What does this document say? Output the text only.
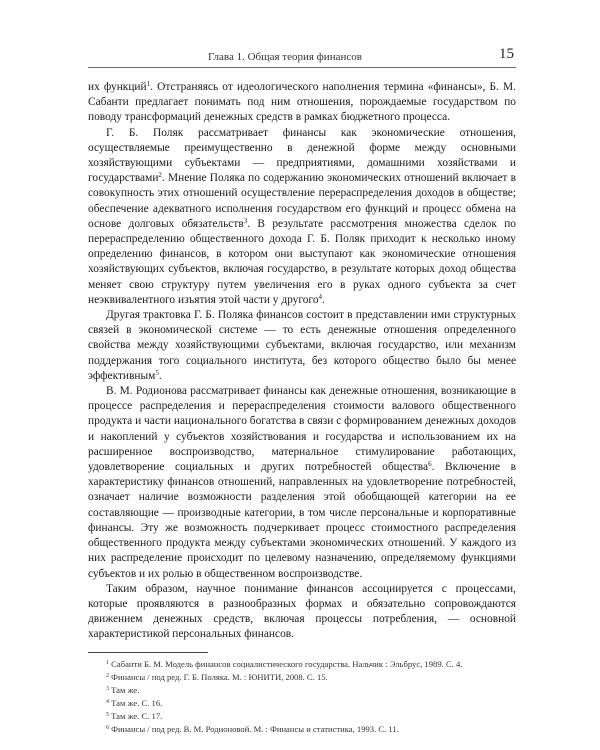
Глава 1. Общая теория финансов	15

их функций$^1$. Отстраняясь от идеологического наполнения термина «финансы», Б. М. Сабанти предлагает понимать под ним отношения, порождаемые государством по поводу трансформаций денежных средств в рамках бюджетного процесса.

Г. Б. Поляк рассматривает финансы как экономические отношения, осуществляемые преимущественно в денежной форме между основными хозяйствующими субъектами — предприятиями, домашними хозяйствами и государствами$^2$. Мнение Поляка по содержанию экономических отношений включает в совокупность этих отношений осуществление перераспределения доходов в обществе; обеспечение адекватного исполнения государством его функций и процесс обмена на основе долговых обязательств$^3$. В результате рассмотрения множества сделок по перераспределению общественного дохода Г. Б. Поляк приходит к несколько иному определению финансов, в котором они выступают как экономические отношения хозяйствующих субъектов, включая государство, в результате которых доход общества меняет свою структуру путем увеличения его в руках одного субъекта за счет неэквивалентного изъятия этой части у другого$^4$.

Другая трактовка Г. Б. Поляка финансов состоит в представлении ими структурных связей в экономической системе — то есть денежные отношения определенного свойства между хозяйствующими субъектами, включая государство, или механизм поддержания того социального института, без которого общество было бы менее эффективным$^5$.

В. М. Родионова рассматривает финансы как денежные отношения, возникающие в процессе распределения и перераспределения стоимости валового общественного продукта и части национального богатства в связи с формированием денежных доходов и накоплений у субъектов хозяйствования и государства и использованием их на расширенное воспроизводство, материальное стимулирование работающих, удовлетворение социальных и других потребностей общества$^6$. Включение в характеристику финансов отношений, направленных на удовлетворение потребностей, означает наличие возможности разделения этой обобщающей категории на ее составляющие — производные категории, в том числе персональные и корпоративные финансы. Эту же возможность подчеркивает процесс стоимостного распределения общественного продукта между субъектами экономических отношений. У каждого из них распределение происходит по целевому назначению, определяемому функциями субъектов и их ролью в общественном воспроизводстве.

Таким образом, научное понимание финансов ассоциируется с процессами, которые проявляются в разнообразных формах и обязательно сопровождаются движением денежных средств, включая процессы потребления, — основной характеристикой персональных финансов.

$^1$ Сабанти Б. М. Модель финансов социалистического государства. Нальчик : Эльбрус, 1989. С. 4.
$^2$ Финансы / под ред. Г. Б. Поляка. М. : ЮНИТИ, 2008. С. 15.
$^3$ Там же.
$^4$ Там же. С. 16.
$^5$ Там же. С. 17.
$^6$ Финансы / под ред. В. М. Родионовой. М. : Финансы и статистика, 1993. С. 11.
